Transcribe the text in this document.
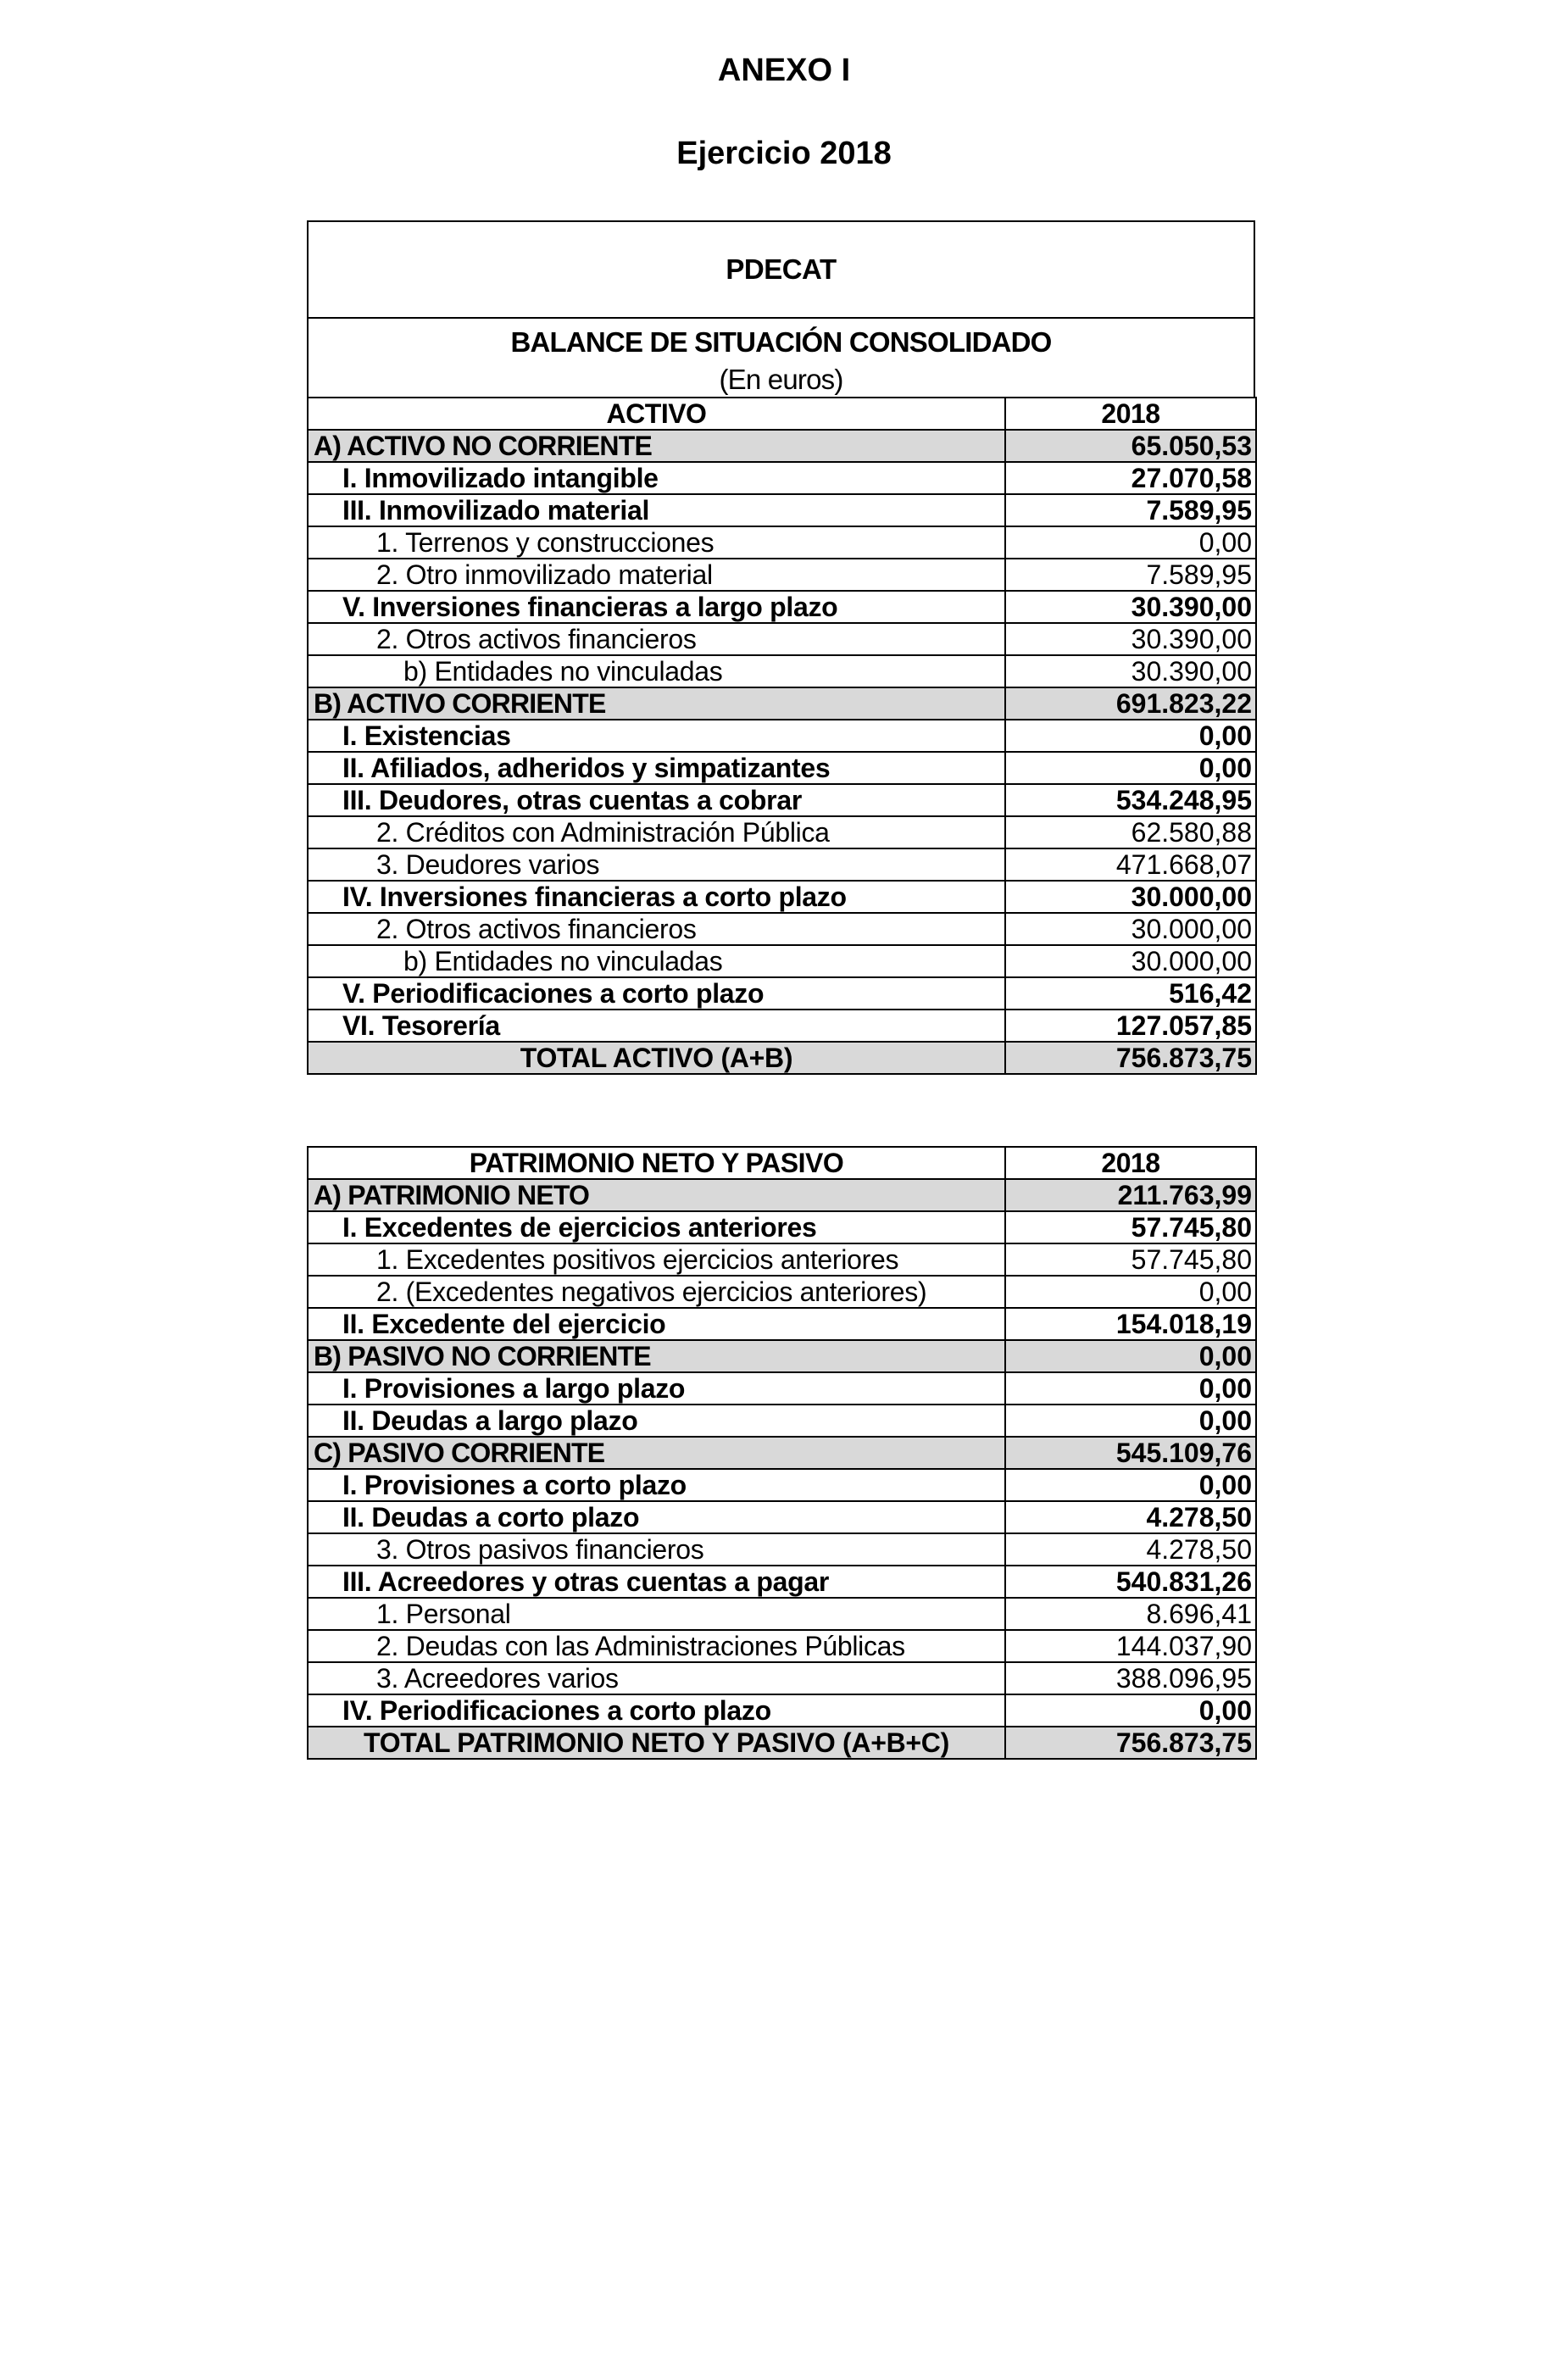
ANEXO I
Ejercicio 2018
PDECAT
BALANCE DE SITUACIÓN CONSOLIDADO
(En euros)
ACTIVO	2018
A) ACTIVO NO CORRIENTE	65.050,53
I. Inmovilizado intangible	27.070,58
III. Inmovilizado material	7.589,95
1. Terrenos y construcciones	0,00
2. Otro inmovilizado material	7.589,95
V. Inversiones financieras a largo plazo	30.390,00
2. Otros activos financieros	30.390,00
b) Entidades no vinculadas	30.390,00
B) ACTIVO CORRIENTE	691.823,22
I. Existencias	0,00
II. Afiliados, adheridos y simpatizantes	0,00
III. Deudores, otras cuentas a cobrar	534.248,95
2. Créditos con Administración Pública	62.580,88
3. Deudores varios	471.668,07
IV. Inversiones financieras a corto plazo	30.000,00
2. Otros activos financieros	30.000,00
b) Entidades no vinculadas	30.000,00
V. Periodificaciones a corto plazo	516,42
VI. Tesorería	127.057,85
TOTAL ACTIVO (A+B)	756.873,75
PATRIMONIO NETO Y PASIVO	2018
A) PATRIMONIO NETO	211.763,99
I. Excedentes de ejercicios anteriores	57.745,80
1. Excedentes positivos ejercicios anteriores	57.745,80
2. (Excedentes negativos ejercicios anteriores)	0,00
II. Excedente del ejercicio	154.018,19
B) PASIVO NO CORRIENTE	0,00
I. Provisiones a largo plazo	0,00
II. Deudas a largo plazo	0,00
C) PASIVO CORRIENTE	545.109,76
I. Provisiones a corto plazo	0,00
II. Deudas a corto plazo	4.278,50
3. Otros pasivos financieros	4.278,50
III. Acreedores y otras cuentas a pagar	540.831,26
1. Personal	8.696,41
2. Deudas con las Administraciones Públicas	144.037,90
3. Acreedores varios	388.096,95
IV. Periodificaciones a corto plazo	0,00
TOTAL PATRIMONIO NETO Y PASIVO (A+B+C)	756.873,75
